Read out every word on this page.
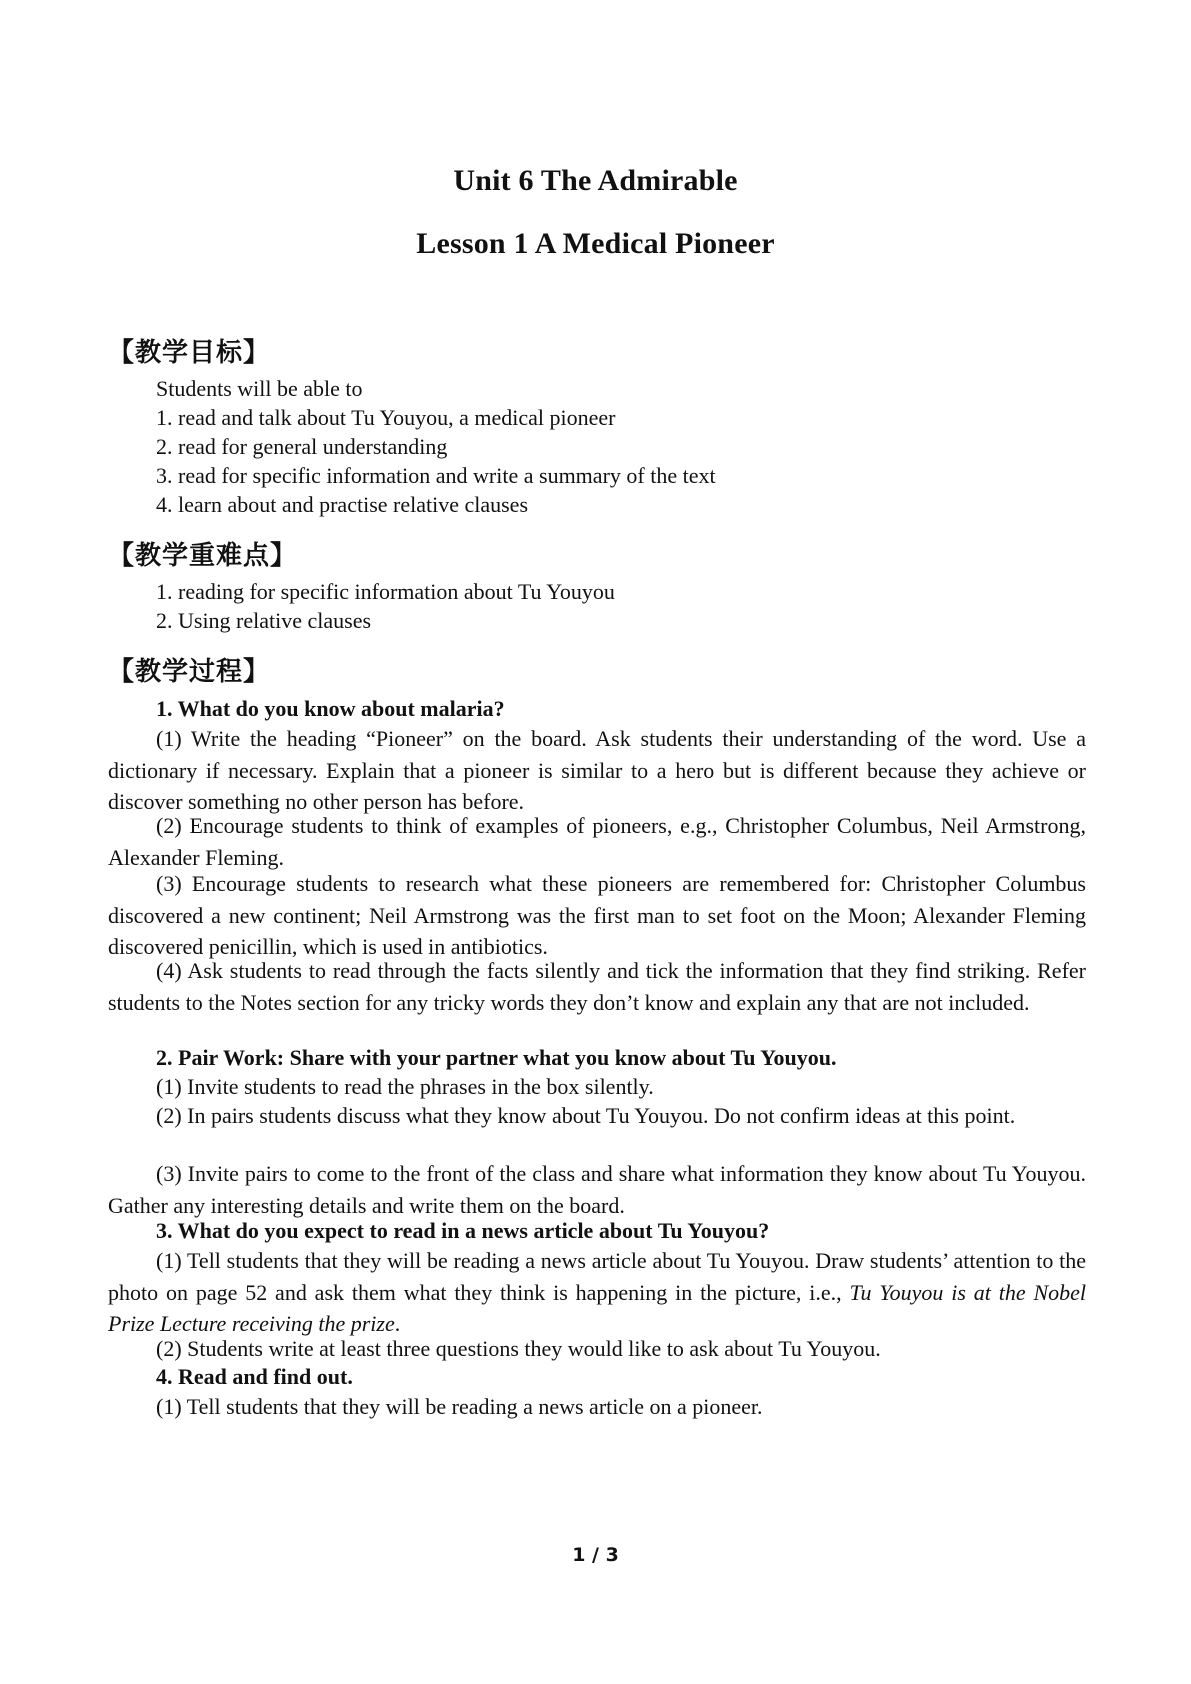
Unit 6 The Admirable
Lesson 1 A Medical Pioneer
【教学目标】
Students will be able to
1. read and talk about Tu Youyou, a medical pioneer
2. read for general understanding
3. read for specific information and write a summary of the text
4. learn about and practise relative clauses
【教学重难点】
1. reading for specific information about Tu Youyou
2. Using relative clauses
【教学过程】
1. What do you know about malaria?
(1) Write the heading “Pioneer” on the board. Ask students their understanding of the word. Use a dictionary if necessary. Explain that a pioneer is similar to a hero but is different because they achieve or discover something no other person has before.
(2) Encourage students to think of examples of pioneers, e.g., Christopher Columbus, Neil Armstrong, Alexander Fleming.
(3) Encourage students to research what these pioneers are remembered for: Christopher Columbus discovered a new continent; Neil Armstrong was the first man to set foot on the Moon; Alexander Fleming discovered penicillin, which is used in antibiotics.
(4) Ask students to read through the facts silently and tick the information that they find striking. Refer students to the Notes section for any tricky words they don’t know and explain any that are not included.
2. Pair Work: Share with your partner what you know about Tu Youyou.
(1) Invite students to read the phrases in the box silently.
(2) In pairs students discuss what they know about Tu Youyou. Do not confirm ideas at this point.
(3) Invite pairs to come to the front of the class and share what information they know about Tu Youyou. Gather any interesting details and write them on the board.
3. What do you expect to read in a news article about Tu Youyou?
(1) Tell students that they will be reading a news article about Tu Youyou. Draw students’ attention to the photo on page 52 and ask them what they think is happening in the picture, i.e., Tu Youyou is at the Nobel Prize Lecture receiving the prize.
(2) Students write at least three questions they would like to ask about Tu Youyou.
4. Read and find out.
(1) Tell students that they will be reading a news article on a pioneer.
1 / 3
